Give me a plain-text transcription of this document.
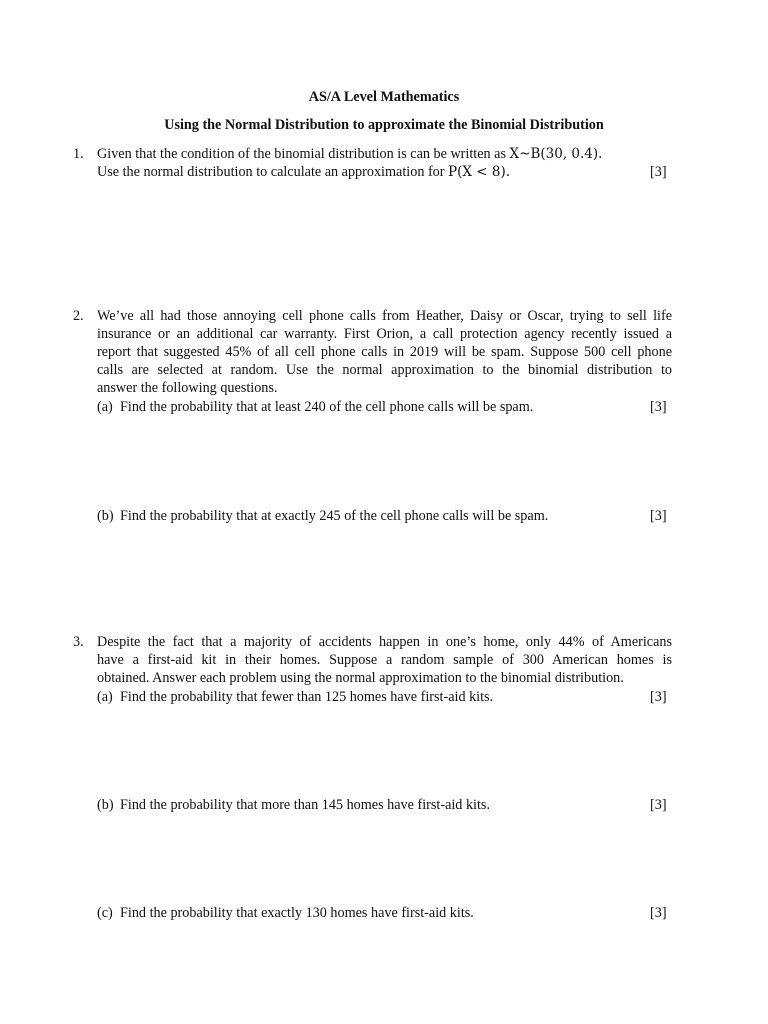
AS/A Level Mathematics
Using the Normal Distribution to approximate the Binomial Distribution
1. Given that the condition of the binomial distribution is can be written as X~B(30, 0.4).
Use the normal distribution to calculate an approximation for P(X < 8).	[3]
2. We’ve all had those annoying cell phone calls from Heather, Daisy or Oscar, trying to sell life
insurance or an additional car warranty. First Orion, a call protection agency recently issued a
report that suggested 45% of all cell phone calls in 2019 will be spam. Suppose 500 cell phone
calls are selected at random. Use the normal approximation to the binomial distribution to
answer the following questions.
(a) Find the probability that at least 240 of the cell phone calls will be spam.	[3]
(b) Find the probability that at exactly 245 of the cell phone calls will be spam.	[3]
3. Despite the fact that a majority of accidents happen in one’s home, only 44% of Americans
have a first-aid kit in their homes. Suppose a random sample of 300 American homes is
obtained. Answer each problem using the normal approximation to the binomial distribution.
(a) Find the probability that fewer than 125 homes have first-aid kits.	[3]
(b) Find the probability that more than 145 homes have first-aid kits.	[3]
(c) Find the probability that exactly 130 homes have first-aid kits.	[3]
